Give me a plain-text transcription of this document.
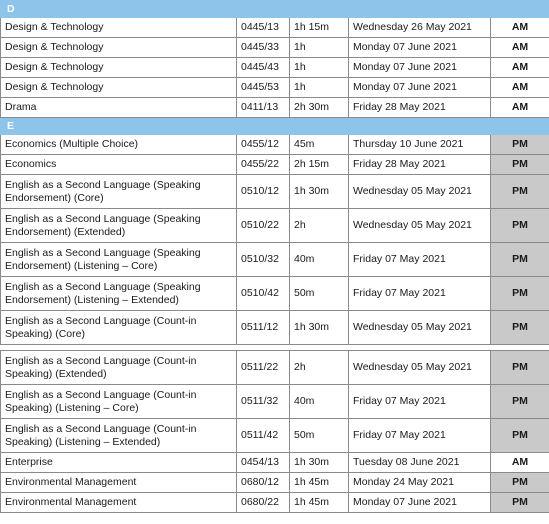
D				
Design & Technology	0445/13	1h 15m	Wednesday 26 May 2021	AM
Design & Technology	0445/33	1h	Monday 07 June 2021	AM
Design & Technology	0445/43	1h	Monday 07 June 2021	AM
Design & Technology	0445/53	1h	Monday 07 June 2021	AM
Drama	0411/13	2h 30m	Friday 28 May 2021	AM
E				
Economics (Multiple Choice)	0455/12	45m	Thursday 10 June 2021	PM
Economics	0455/22	2h 15m	Friday 28 May 2021	PM
English as a Second Language (Speaking Endorsement) (Core)	0510/12	1h 30m	Wednesday 05 May 2021	PM
English as a Second Language (Speaking Endorsement) (Extended)	0510/22	2h	Wednesday 05 May 2021	PM
English as a Second Language (Speaking Endorsement) (Listening – Core)	0510/32	40m	Friday 07 May 2021	PM
English as a Second Language (Speaking Endorsement) (Listening – Extended)	0510/42	50m	Friday 07 May 2021	PM
English as a Second Language (Count-in Speaking) (Core)	0511/12	1h 30m	Wednesday 05 May 2021	PM

English as a Second Language (Count-in Speaking) (Extended)	0511/22	2h	Wednesday 05 May 2021	PM
English as a Second Language (Count-in Speaking) (Listening – Core)	0511/32	40m	Friday 07 May 2021	PM
English as a Second Language (Count-in Speaking) (Listening – Extended)	0511/42	50m	Friday 07 May 2021	PM
Enterprise	0454/13	1h 30m	Tuesday 08 June 2021	AM
Environmental Management	0680/12	1h 45m	Monday 24 May 2021	PM
Environmental Management	0680/22	1h 45m	Monday 07 June 2021	PM
